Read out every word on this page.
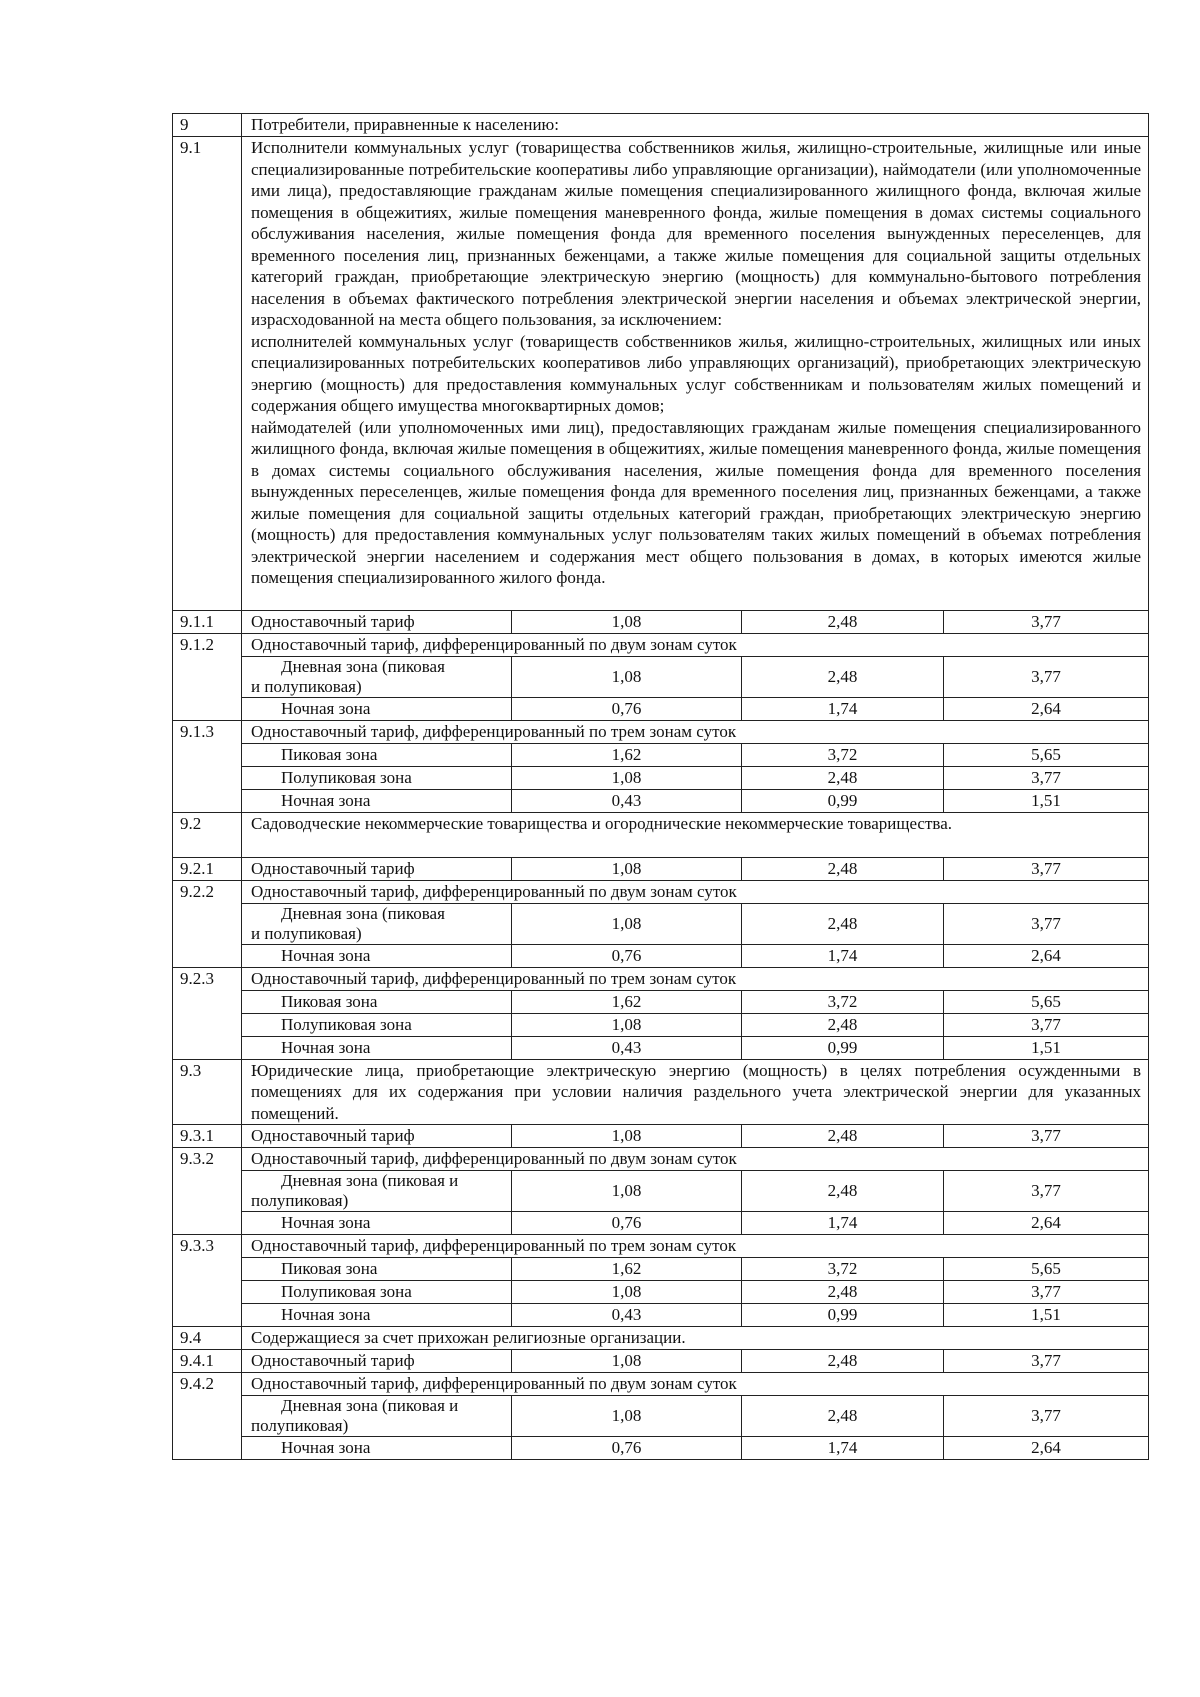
9	Потребители, приравненные к населению:			
9.1	Исполнители коммунальных услуг (товарищества собственников жилья, жилищно-строительные, жилищные или иные специализированные потребительские кооперативы либо управляющие организации), наймодатели (или уполномоченные ими лица), предоставляющие гражданам жилые помещения специализированного жилищного фонда, включая жилые помещения в общежитиях, жилые помещения маневренного фонда, жилые помещения в домах системы социального обслуживания населения, жилые помещения фонда для временного поселения вынужденных переселенцев, для временного поселения лиц, признанных беженцами, а также жилые помещения для социальной защиты отдельных категорий граждан, приобретающие электрическую энергию (мощность) для коммунально-бытового потребления населения в объемах фактического потребления электрической энергии населения и объемах электрической энергии, израсходованной на места общего пользования, за исключением:
исполнителей коммунальных услуг (товариществ собственников жилья, жилищно-строительных, жилищных или иных специализированных потребительских кооперативов либо управляющих организаций), приобретающих электрическую энергию (мощность) для предоставления коммунальных услуг собственникам и пользователям жилых помещений и содержания общего имущества многоквартирных домов;
наймодателей (или уполномоченных ими лиц), предоставляющих гражданам жилые помещения специализированного жилищного фонда, включая жилые помещения в общежитиях, жилые помещения маневренного фонда, жилые помещения в домах системы социального обслуживания населения, жилые помещения фонда для временного поселения вынужденных переселенцев, жилые помещения фонда для временного поселения лиц, признанных беженцами, а также жилые помещения для социальной защиты отдельных категорий граждан, приобретающих электрическую энергию (мощность) для предоставления коммунальных услуг пользователям таких жилых помещений в объемах потребления электрической энергии населением и содержания мест общего пользования в домах, в которых имеются жилые помещения специализированного жилого фонда.			

9.1.1	Одноставочный тариф	1,08	2,48	3,77
9.1.2	Одноставочный тариф, дифференцированный по двум зонам суток			

	Дневная зона (пиковая
и полупиковая)	1,08	2,48	3,77
	Ночная зона	0,76	1,74	2,64
9.1.3	Одноставочный тариф, дифференцированный по трем зонам суток			
	Пиковая зона	1,62	3,72	5,65
	Полупиковая зона	1,08	2,48	3,77
	Ночная зона	0,43	0,99	1,51
9.2	Садоводческие некоммерческие товарищества и огороднические некоммерческие товарищества.			
9.2.1	Одноставочный тариф	1,08	2,48	3,77
9.2.2	Одноставочный тариф, дифференцированный по двум зонам суток			

	Дневная зона (пиковая
и полупиковая)	1,08	2,48	3,77
	Ночная зона	0,76	1,74	2,64
9.2.3	Одноставочный тариф, дифференцированный по трем зонам суток			
	Пиковая зона	1,62	3,72	5,65
	Полупиковая зона	1,08	2,48	3,77
	Ночная зона	0,43	0,99	1,51
9.3	Юридические лица, приобретающие электрическую энергию (мощность) в целях потребления осужденными в помещениях для их содержания при условии наличия раздельного учета электрической энергии для указанных помещений.			
9.3.1	Одноставочный тариф	1,08	2,48	3,77
9.3.2	Одноставочный тариф, дифференцированный по двум зонам суток			

	Дневная зона (пиковая и
полупиковая)	1,08	2,48	3,77
	Ночная зона	0,76	1,74	2,64
9.3.3	Одноставочный тариф, дифференцированный по трем зонам суток			
	Пиковая зона	1,62	3,72	5,65
	Полупиковая зона	1,08	2,48	3,77
	Ночная зона	0,43	0,99	1,51
9.4	Содержащиеся за счет прихожан религиозные организации.			
9.4.1	Одноставочный тариф	1,08	2,48	3,77
9.4.2	Одноставочный тариф, дифференцированный по двум зонам суток			

	Дневная зона (пиковая и
полупиковая)	1,08	2,48	3,77
	Ночная зона	0,76	1,74	2,64
